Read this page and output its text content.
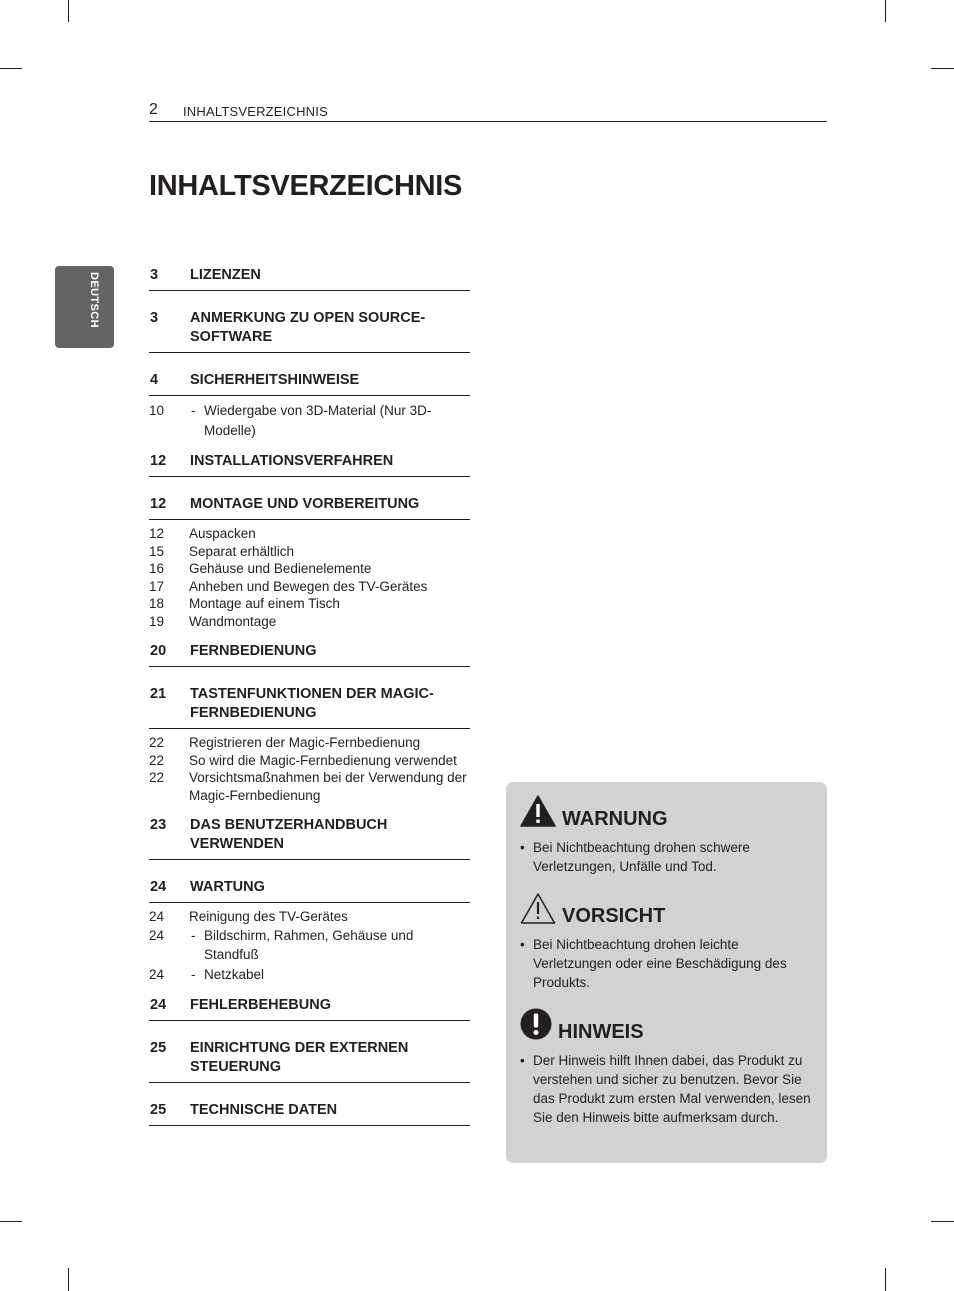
2 INHALTSVERZEICHNIS
INHALTSVERZEICHNIS
DEUTSCH	3	LIZENZEN
3	ANMERKUNG ZU OPEN SOURCE-SOFTWARE
4	SICHERHEITSHINWEISE
10	- Wiedergabe von 3D-Material (Nur 3D-Modelle)
12	INSTALLATIONSVERFAHREN
12	MONTAGE UND VORBEREITUNG
12	Auspacken
15	Separat erhältlich
16	Gehäuse und Bedienelemente
17	Anheben und Bewegen des TV-Gerätes
18	Montage auf einem Tisch
19	Wandmontage
20	FERNBEDIENUNG
21	TASTENFUNKTIONEN DER MAGIC-FERNBEDIENUNG
22	Registrieren der Magic-Fernbedienung
22	So wird die Magic-Fernbedienung verwendet
22	Vorsichtsmaßnahmen bei der Verwendung der Magic-Fernbedienung
23	DAS BENUTZERHANDBUCH VERWENDEN
24	WARTUNG
24	Reinigung des TV-Gerätes
24	- Bildschirm, Rahmen, Gehäuse und Standfuß
24	- Netzkabel
24	FEHLERBEHEBUNG
25	EINRICHTUNG DER EXTERNEN STEUERUNG
25	TECHNISCHE DATEN
WARNUNG
• Bei Nichtbeachtung drohen schwere Verletzungen, Unfälle und Tod.
VORSICHT
• Bei Nichtbeachtung drohen leichte Verletzungen oder eine Beschädigung des Produkts.
HINWEIS
• Der Hinweis hilft Ihnen dabei, das Produkt zu verstehen und sicher zu benutzen. Bevor Sie das Produkt zum ersten Mal verwenden, lesen Sie den Hinweis bitte aufmerksam durch.
